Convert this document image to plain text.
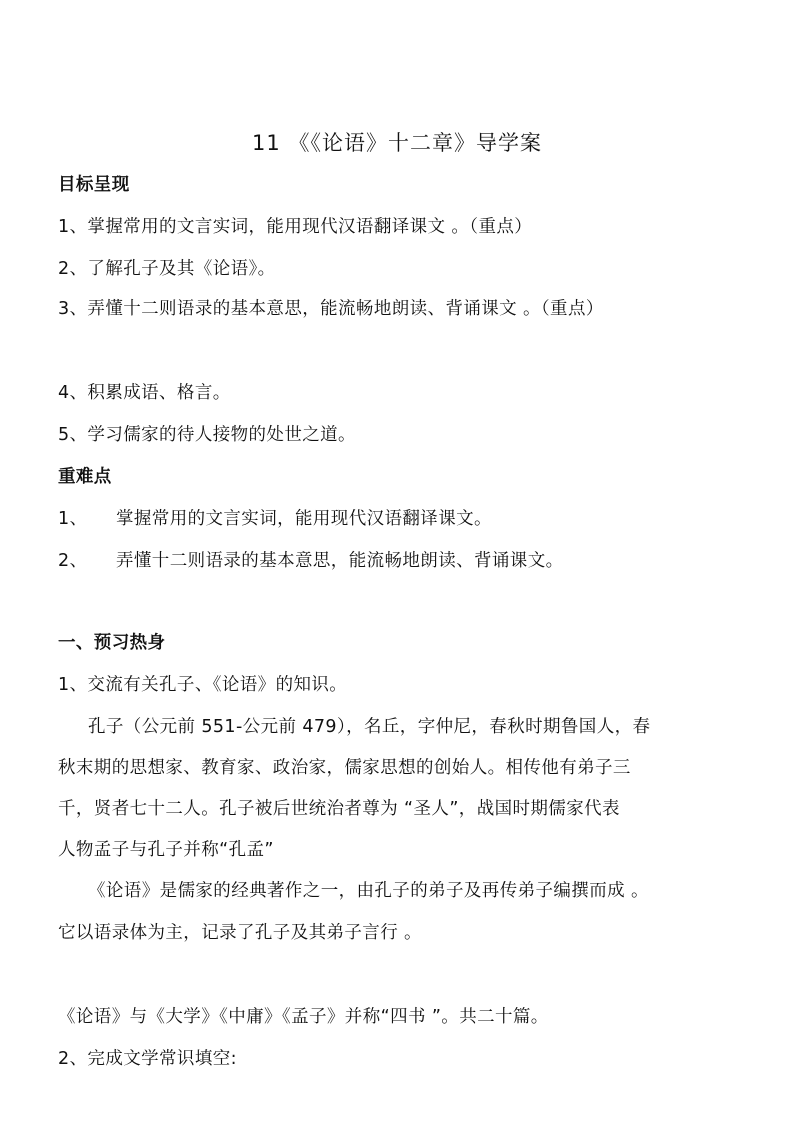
11 《《论语》十二章》导学案
目标呈现
1、掌握常用的文言实词，能用现代汉语翻译课文 。（重点）
2、了解孔子及其《论语》。
3、弄懂十二则语录的基本意思，能流畅地朗读、背诵课文 。（重点）
4、积累成语、格言。
5、学习儒家的待人接物的处世之道。
重难点
1、 掌握常用的文言实词，能用现代汉语翻译课文。
2、 弄懂十二则语录的基本意思，能流畅地朗读、背诵课文。
一、预习热身
1、交流有关孔子、《论语》的知识。
孔子（公元前 551-公元前 479），名丘，字仲尼，春秋时期鲁国人，春
秋末期的思想家、教育家、政治家，儒家思想的创始人。相传他有弟子三
千，贤者七十二人。孔子被后世统治者尊为 “圣人”，战国时期儒家代表
人物孟子与孔子并称“孔孟”
《论语》是儒家的经典著作之一，由孔子的弟子及再传弟子编撰而成 。
它以语录体为主，记录了孔子及其弟子言行 。
《论语》与《大学》《中庸》《孟子》并称“四书 ”。共二十篇。
2、完成文学常识填空:
